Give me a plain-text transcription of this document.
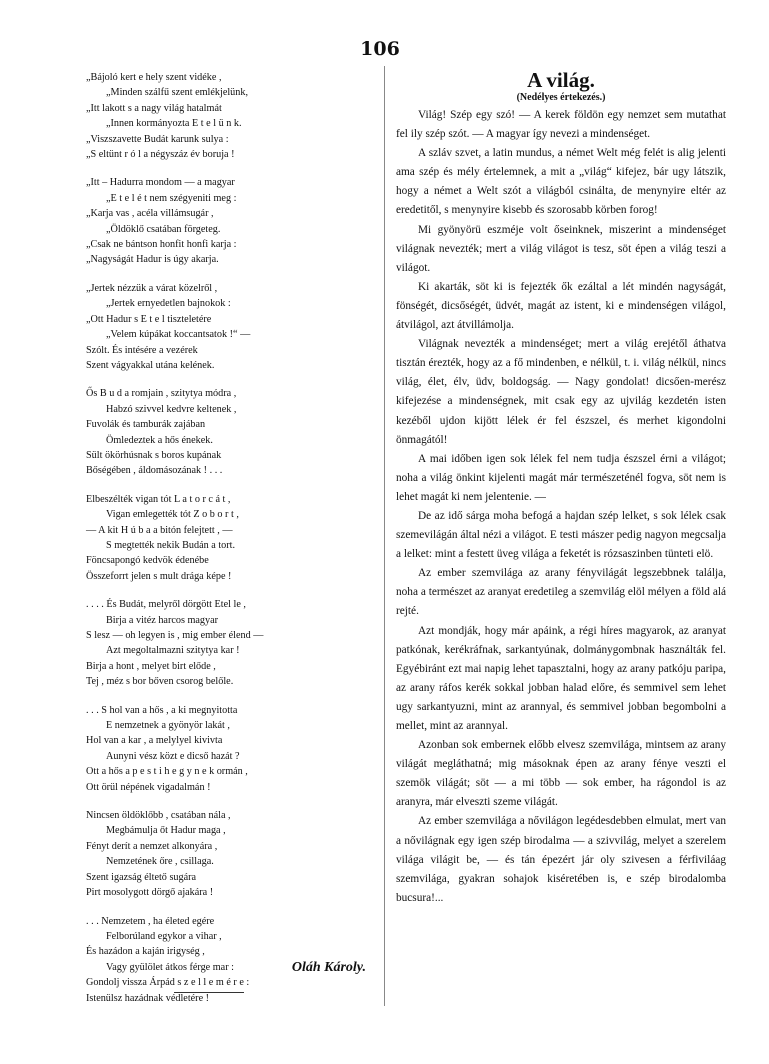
106
„Bájoló kert e hely szent vidéke ,
„Minden szálfű szent emlékjelünk,
„Itt lakott s a nagy világ hatalmát
„Innen kormányozta E t e l ü n k.
„Viszszavette Budát karunk sulya :
„S eltünt r ó l a négyszáz év boruja !
„Itt – Hadurra mondom — a magyar
„E t e l é t nem szégyeniti meg :
„Karja vas , acéla villámsugár ,
„Öldöklő csatában förgeteg.
„Csak ne bántson honfit honfi karja :
„Nagyságát Hadur is úgy akarja.
„Jertek nézzük a várat közelről ,
„Jertek ernyedetlen bajnokok :
„Ott Hadur s E t e l tiszteletére
„Velem kúpákat koccantsatok !“ —
Szólt. És intésére a vezérek
Szent vágyakkal utána kelének.
Ős B u d a romjain , szitytya módra ,
Habzó szivvel kedvre keltenek ,
Fuvolák és tamburák zajában
Ömledeztek a hős énekek.
Sült ökörhúsnak s boros kupának
Bőségében , áldomásozának ! . . .
Elbeszélték vigan tót L a t o r c á t ,
Vigan emlegették tót Z o b o r t ,
— A kit H ú b a a bitón felejtett , —
S megtették nekik Budán a tort.
Föncsapongó kedvök édenébe
Összeforrt jelen s mult drága képe !
. . . . És Budát, melyről dörgött Etel le ,
Birja a vitéz harcos magyar
S lesz — oh legyen is , mig ember élend —
Azt megoltalmazni szitytya kar !
Birja a hont , melyet birt előde ,
Tej , méz s bor bőven csorog belőle.
. . . S hol van a hős , a ki megnyitotta
E nemzetnek a gyönyör lakát ,
Hol van a kar , a melylyel kivivta
Aunyni vész közt e dicső hazát ?
Ott a hős a p e s t i h e g y n e k ormán ,
Ott örül népének vigadalmán !
Nincsen öldöklőbb , csatában nála ,
Megbámulja őt Hadur maga ,
Fényt derít a nemzet alkonyára ,
Nemzetének őre , csillaga.
Szent igazság éltető sugára
Pirt mosolygott dörgő ajakára !
. . . Nemzetem , ha életed egére
Felborúland egykor a vihar ,
És hazádon a kaján irigység ,
Vagy gyülölet átkos férge mar :
Gondolj vissza Árpád s z e l l e m é r e :
Istenülsz hazádnak védletére !
Oláh Károly.
A világ.
(Nedélyes értekezés.)

Világ! Szép egy szó! — A kerek földön egy nemzet sem mutathat fel ily szép szót. — A magyar így nevezi a mindenséget.

A szláv szvet, a latin mundus, a német Welt még felét is alig jelenti ama szép és mély értelemnek, a mit a „világ“ kifejez, bár ugy látszik, hogy a német a Welt szót a világból csinálta, de menynyire eltér az eredetitől, s menynyire kisebb és szorosabb körben forog!

Mi gyönyörü eszméje volt őseinknek, miszerint a mindenséget világnak nevezték; mert a világ világot is tesz, söt épen a világ teszi a világot.

Ki akarták, söt ki is fejezték ők ezáltal a lét mindén nagyságát, fönségét, dicsőségét, üdvét, magát az istent, ki e mindenségen világol, átvilágol, azt átvillámolja.

Világnak nevezték a mindenséget; mert a világ erejétől áthatva tisztán érezték, hogy az a fő mindenben, e nélkül, t. i. világ nélkül, nincs világ, élet, élv, üdv, boldogság. — Nagy gondolat! dicsően-merész kifejezése a mindenségnek, mit csak egy az ujvilág kezdetén isten kezéből ujdon kijött lélek ér fel észszel, és merhet kigondolni önmagától!

A mai időben igen sok lélek fel nem tudja észszel érni a világot; noha a világ önkint kijelenti magát már természeténél fogva, söt nem is lehet magát ki nem jelentenie. —

De az idő sárga moha befogá a hajdan szép lelket, s sok lélek csak szemevilágán által nézi a világot. E testi mászer pedig nagyon megcsalja a lelket: mint a festett üveg világa a feketét is rózsaszinben tünteti elö.

Az ember szemvilága az arany fényvilágát legszebbnek találja, noha a természet az aranyat eredetileg a szemvilág elöl mélyen a föld alá rejté.

Azt mondják, hogy már apáink, a régi híres magyarok, az aranyat patkónak, kerékráfnak, sarkantyúnak, dolmánygombnak használták fel. Egyébiránt ezt mai napig lehet tapasztalni, hogy az arany patkóju paripa, az arany ráfos kerék sokkal jobban halad előre, és semmivel sem lehet ugy sarkantyuzni, mint az arannyal, és semmivel jobban begombolni a mellet, mint az arannyal.

Azonban sok embernek előbb elvesz szemvilága, mintsem az arany világát megláthatná; mig másoknak épen az arany fénye veszti el szemök világát; söt — a mi több — sok ember, ha rágondol is az aranyra, már elveszti szeme világát.

Az ember szemvilága a nővilágon legédesdebben elmulat, mert van a nővilágnak egy igen szép birodalma — a szivvilág, melyet a szerelem világa világit be, — és tán épezért jár oly szivesen a férfiviláag szemvilága, gyakran sohajok kiséretében is, e szép birodalomba bucsura!...
